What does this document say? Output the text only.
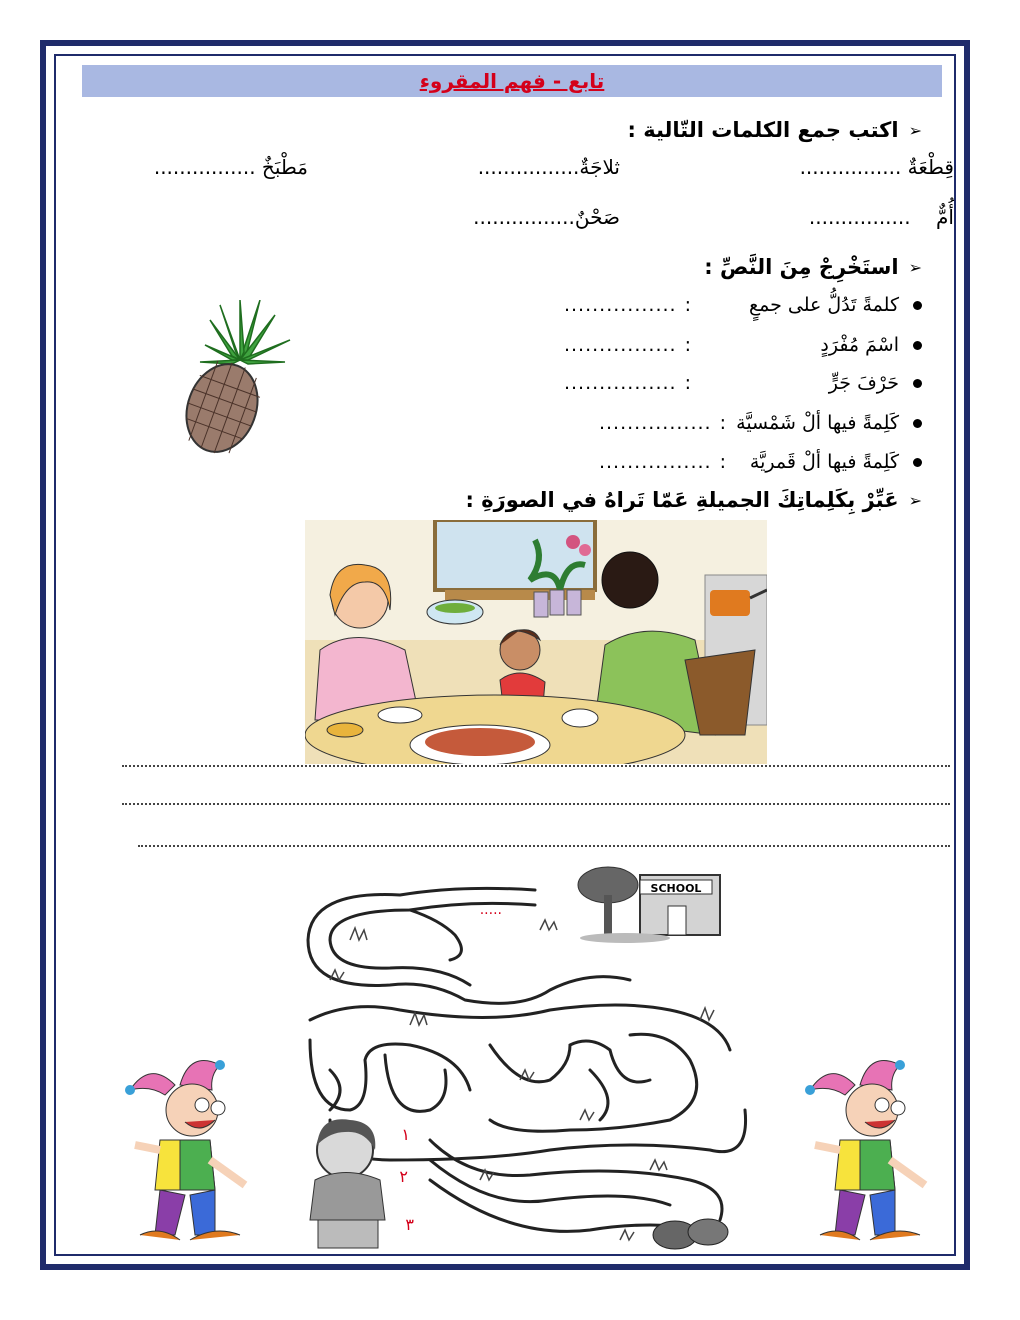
تابع - فهم المقروء
➢
اكتب جمع الكلمات التّالية :
قِطْعَةٌ ................
ثلاجَةٌ................
مَطْبَخٌ ................
أُمٌّ    ................
صَحْنٌ................
➢
استَخْرِجْ مِنَ النَّصِّ :
كلمةً تَدُلُّ على جمعٍ
:
................
اسْمَ مُفْرَدٍ
:
................
حَرْفَ جَرٍّ
:
................
كَلِمةً فيها ألْ شَمْسيَّة
:
................
كَلِمةً فيها ألْ قَمريَّة
:
................
➢
عَبِّرْ بِكَلِماتِكَ الجميلةِ عَمّا تَراهُ في الصورَةِ :
.....
SCHOOL
١
٢
٣
